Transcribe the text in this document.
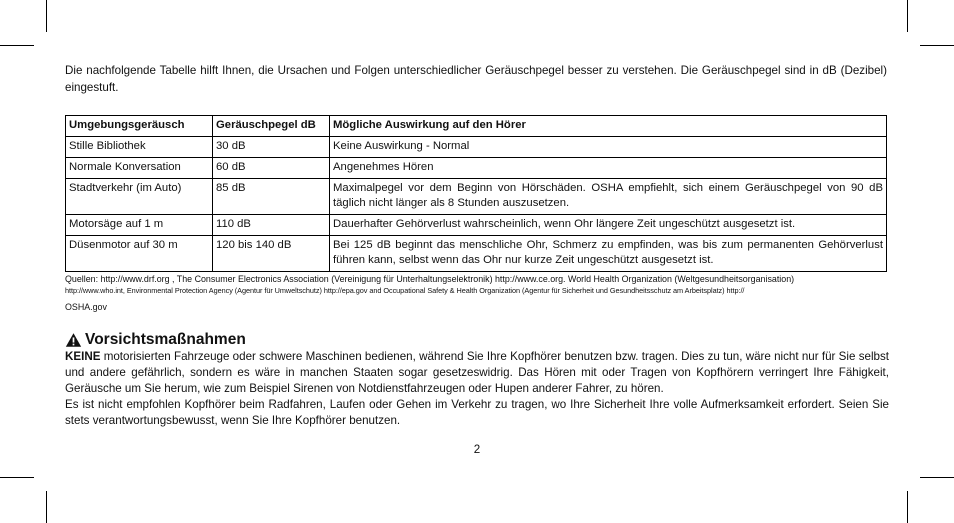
Die nachfolgende Tabelle hilft Ihnen, die Ursachen und Folgen unterschiedlicher Geräuschpegel besser zu verstehen. Die Geräuschpegel sind in dB (Dezibel) eingestuft.

Umgebungsgeräusch	Geräuschpegel dB	Mögliche Auswirkung auf den Hörer
Stille Bibliothek	30 dB	Keine Auswirkung - Normal
Normale Konversation	60 dB	Angenehmes Hören
Stadtverkehr (im Auto)	85 dB	Maximalpegel vor dem Beginn von Hörschäden. OSHA empfiehlt, sich einem Geräuschpegel von 90 dB täglich nicht länger als 8 Stunden auszusetzen.
Motorsäge auf 1 m	110 dB	Dauerhafter Gehörverlust wahrscheinlich, wenn Ohr längere Zeit ungeschützt ausgesetzt ist.
Düsenmotor auf 30 m	120 bis 140 dB	Bei 125 dB beginnt das menschliche Ohr, Schmerz zu empfinden, was bis zum permanenten Gehörverlust führen kann, selbst wenn das Ohr nur kurze Zeit ungeschützt ausgesetzt ist.

Quellen: http://www.drf.org , The Consumer Electronics Association (Vereinigung für Unterhaltungselektronik) http://www.ce.org. World Health Organization (Weltgesundheitsorganisation)
http://www.who.int, Environmental Protection Agency (Agentur für Umweltschutz) http://epa.gov and Occupational Safety & Health Organization (Agentur für Sicherheit und Gesundheitsschutz am Arbeitsplatz) http://
OSHA.gov

Vorsichtsmaßnahmen

KEINE motorisierten Fahrzeuge oder schwere Maschinen bedienen, während Sie Ihre Kopfhörer benutzen bzw. tragen. Dies zu tun, wäre nicht nur für Sie selbst und andere gefährlich, sondern es wäre in manchen Staaten sogar gesetzeswidrig. Das Hören mit oder Tragen von Kopfhörern verringert Ihre Fähigkeit, Geräusche um Sie herum, wie zum Beispiel Sirenen von Notdienstfahrzeugen oder Hupen anderer Fahrer, zu hören.

Es ist nicht empfohlen Kopfhörer beim Radfahren, Laufen oder Gehen im Verkehr zu tragen, wo Ihre Sicherheit Ihre volle Aufmerksamkeit erfordert. Seien Sie stets verantwortungsbewusst, wenn Sie Ihre Kopfhörer benutzen.

2
